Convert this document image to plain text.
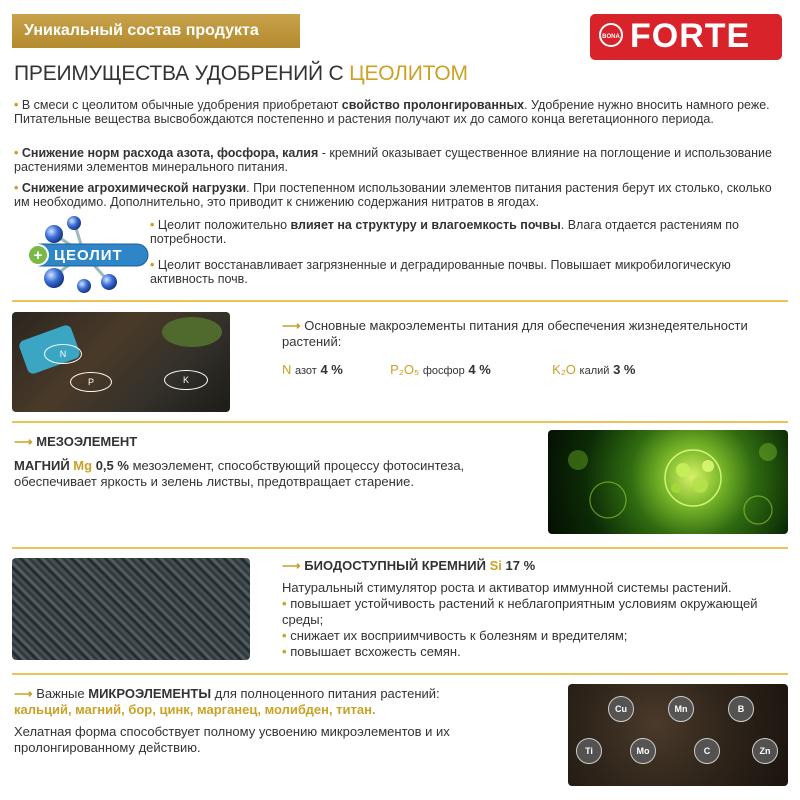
Уникальный состав продукта	BONA FORTE
ПРЕИМУЩЕСТВА УДОБРЕНИЙ С ЦЕОЛИТОМ
• В смеси с цеолитом обычные удобрения приобретают свойство пролонгированных. Удобрение нужно вносить намного реже. Питательные вещества высвобождаются постепенно и растения получают их до самого конца вегетационного периода.
• Снижение норм расхода азота, фосфора, калия - кремний оказывает существенное влияние на поглощение и использование растениями элементов минерального питания.
• Снижение агрохимической нагрузки. При постепенном использовании элементов питания растения берут их столько, сколько им необходимо. Дополнительно, это приводит к снижению содержания нитратов в ягодах.
+ ЦЕОЛИТ
• Цеолит положительно влияет на структуру и влагоемкость почвы. Влага отдается растениям по потребности.
• Цеолит восстанавливает загрязненные и деградированные почвы. Повышает микробилогическую активность почв.
N
P	K
⟶ Основные макроэлементы питания для обеспечения жизнедеятельности растений:
N азот 4 %	P₂O₅ фосфор 4 %	K₂O калий 3 %
⟶ МЕЗОЭЛЕМЕНТ
МАГНИЙ Mg 0,5 % мезоэлемент, способствующий процессу фотосинтеза, обеспечивает яркость и зелень листвы, предотвращает старение.
⟶ БИОДОСТУПНЫЙ КРЕМНИЙ Si 17 %
Натуральный стимулятор роста и активатор иммунной системы растений.
• повышает устойчивость растений к неблагоприятным условиям окружающей среды;
• снижает их восприимчивость к болезням и вредителям;
• повышает всхожесть семян.
⟶ Важные МИКРОЭЛЕМЕНТЫ для полноценного питания растений:
кальций, магний, бор, цинк, марганец, молибден, титан.
Хелатная форма способствует полному усвоению микроэлементов и их пролонгированному действию.
Cu	Mn	B
Ti	Mo	C	Zn
